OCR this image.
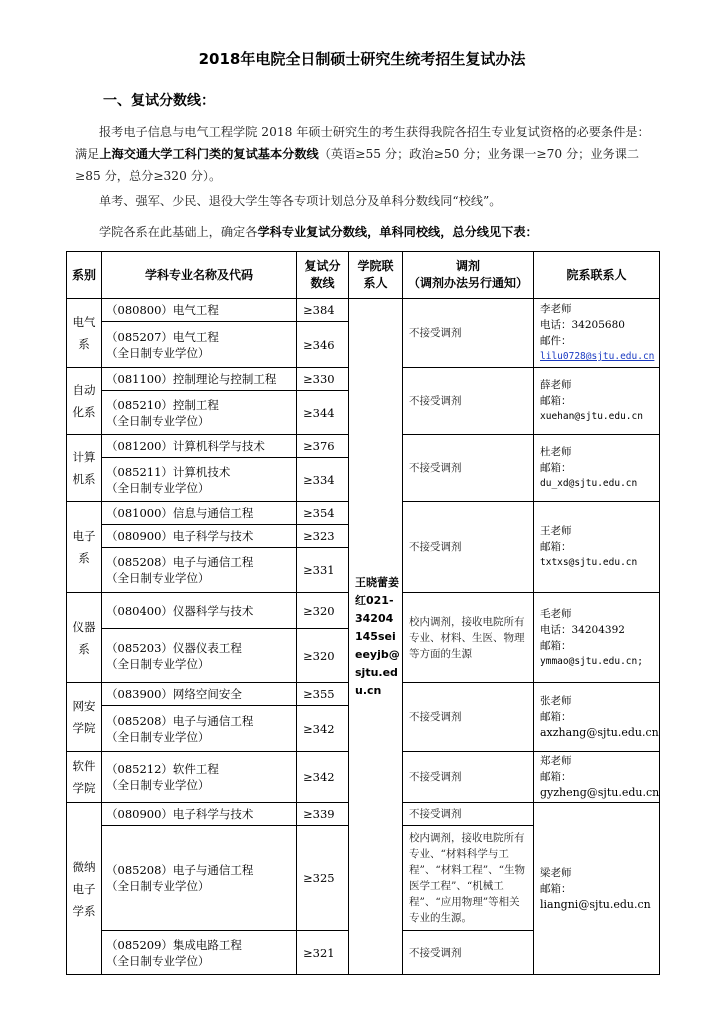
2018年电院全日制硕士研究生统考招生复试办法
一、复试分数线：

报考电子信息与电气工程学院 2018 年硕士研究生的考生获得我院各招生专业复试资格的必要条件是：满足上海交通大学工科门类的复试基本分数线（英语≥55 分；政治≥50 分；业务课一≥70 分；业务课二≥85 分，总分≥320 分）。

单考、强军、少民、退役大学生等各专项计划总分及单科分数线同“校线”。

学院各系在此基础上，确定各学科专业复试分数线，单科同校线，总分线见下表：

系别	学科专业名称及代码	复试分数线	学院联系人	调剂
（调剂办法另行通知）	院系联系人
电气系	（080800）电气工程	≥384	王晓蕾姜红021-34204145seieeyjb@sjtu.edu.cn	不接受调剂	李老师
电话：34205680
邮件：
lilu0728@sjtu.edu.cn

	（085207）电气工程
（全日制专业学位）	≥346			
自动化系	（081100）控制理论与控制工程	≥330		不接受调剂	薛老师
邮箱：
xuehan@sjtu.edu.cn

	（085210）控制工程
（全日制专业学位）	≥344			
计算机系	（081200）计算机科学与技术	≥376		不接受调剂	杜老师
邮箱：
du_xd@sjtu.edu.cn

	（085211）计算机技术
（全日制专业学位）	≥334			
电子系	（081000）信息与通信工程	≥354		不接受调剂	王老师
邮箱：
txtxs@sjtu.edu.cn

	（080900）电子科学与技术	≥323			

	（085208）电子与通信工程
（全日制专业学位）	≥331			
仪器系	（080400）仪器科学与技术	≥320		校内调剂，接收电院所有专业、材料、生医、物理等方面的生源	毛老师
电话：34204392
邮箱：
ymmao@sjtu.edu.cn;

	（085203）仪器仪表工程
（全日制专业学位）	≥320			
网安学院	（083900）网络空间安全	≥355		不接受调剂	张老师
邮箱：
axzhang@sjtu.edu.cn

	（085208）电子与通信工程
（全日制专业学位）	≥342			
软件学院	（085212）软件工程
（全日制专业学位）	≥342		不接受调剂	郑老师
邮箱：
gyzheng@sjtu.edu.cn

微纳电子学系	（080900）电子科学与技术	≥339		不接受调剂	梁老师
邮箱：
liangni@sjtu.edu.cn

	（085208）电子与通信工程
（全日制专业学位）	≥325		校内调剂，接收电院所有专业、“材料科学与工程”、“材料工程”、“生物医学工程”、“机械工程”、“应用物理”等相关专业的生源。	

	（085209）集成电路工程
（全日制专业学位）	≥321		不接受调剂	
